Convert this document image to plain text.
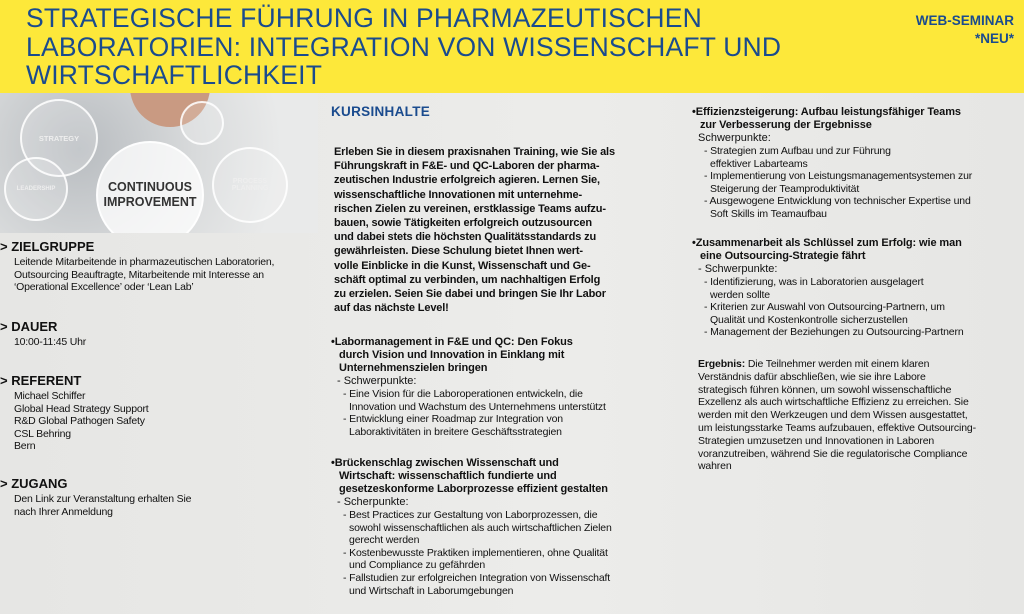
STRATEGISCHE FÜHRUNG IN PHARMAZEUTISCHEN
LABORATORIEN: INTEGRATION VON WISSENSCHAFT UND
WIRTSCHAFTLICHKEIT
WEB-SEMINAR
*NEU*
STRATEGY
LEADERSHIP
PROCESS
PLANNING
CONTINUOUS
IMPROVEMENT
> ZIELGRUPPE
Leitende Mitarbeitende in pharmazeutischen Laboratorien,
Outsourcing Beauftragte, Mitarbeitende mit Interesse an
‘Operational Excellence’ oder ‘Lean Lab’
> DAUER
10:00-11:45 Uhr
> REFERENT
Michael Schiffer
Global Head Strategy Support
R&D Global Pathogen Safety
CSL Behring
Bern
> ZUGANG
Den Link zur Veranstaltung erhalten Sie
nach Ihrer Anmeldung
KURSINHALTE
Erleben Sie in diesem praxisnahen Training, wie Sie als
Führungskraft in F&E- und QC-Laboren der pharma-
zeutischen Industrie erfolgreich agieren. Lernen Sie,
wissenschaftliche Innovationen mit unternehme-
rischen Zielen zu vereinen, erstklassige Teams aufzu-
bauen, sowie Tätigkeiten erfolgreich outzusourcen
und dabei stets die höchsten Qualitätsstandards zu
gewährleisten. Diese Schulung bietet Ihnen wert-
volle Einblicke in die Kunst, Wissenschaft und Ge-
schäft optimal zu verbinden, um nachhaltigen Erfolg
zu erzielen. Seien Sie dabei und bringen Sie Ihr Labor
auf das nächste Level!
•Labormanagement in F&E und QC: Den Fokus
durch Vision und Innovation in Einklang mit
Unternehmenszielen bringen
- Schwerpunkte:
- Eine Vision für die Laboroperationen entwickeln, die
Innovation und Wachstum des Unternehmens unterstützt
- Entwicklung einer Roadmap zur Integration von
Laboraktivitäten in breitere Geschäftsstrategien
•Brückenschlag zwischen Wissenschaft und
Wirtschaft: wissenschaftlich fundierte und
gesetzeskonforme Laborprozesse effizient gestalten
- Scherpunkte:
- Best Practices zur Gestaltung von Laborprozessen, die
sowohl wissenschaftlichen als auch wirtschaftlichen Zielen
gerecht werden
- Kostenbewusste Praktiken implementieren, ohne Qualität
und Compliance zu gefährden
- Fallstudien zur erfolgreichen Integration von Wissenschaft
und Wirtschaft in Laborumgebungen
•Effizienzsteigerung: Aufbau leistungsfähiger Teams
zur Verbesserung der Ergebnisse
Schwerpunkte:
- Strategien zum Aufbau und zur Führung
effektiver Labarteams
- Implementierung von Leistungsmanagementsystemen zur
Steigerung der Teamproduktivität
- Ausgewogene Entwicklung von technischer Expertise und
Soft Skills im Teamaufbau
•Zusammenarbeit als Schlüssel zum Erfolg: wie man
eine Outsourcing-Strategie fährt
- Schwerpunkte:
- Identifizierung, was in Laboratorien ausgelagert
werden sollte
- Kriterien zur Auswahl von Outsourcing-Partnern, um
Qualität und Kostenkontrolle sicherzustellen
- Management der Beziehungen zu Outsourcing-Partnern
Ergebnis: Die Teilnehmer werden mit einem klaren
Verständnis dafür abschließen, wie sie ihre Labore
strategisch führen können, um sowohl wissenschaftliche
Exzellenz als auch wirtschaftliche Effizienz zu erreichen. Sie
werden mit den Werkzeugen und dem Wissen ausgestattet,
um leistungsstarke Teams aufzubauen, effektive Outsourcing-
Strategien umzusetzen und Innovationen in Laboren
voranzutreiben, während Sie die regulatorische Compliance
wahren
